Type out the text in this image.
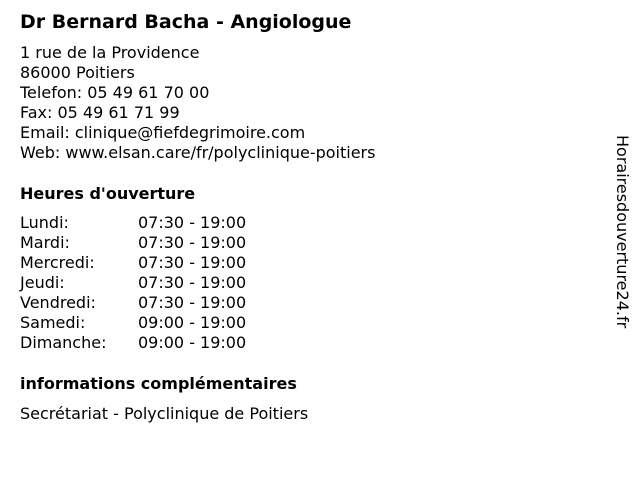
Dr Bernard Bacha - Angiologue
1 rue de la Providence
86000 Poitiers
Telefon: 05 49 61 70 00
Fax: 05 49 61 71 99
Email: clinique@fiefdegrimoire.com
Web: www.elsan.care/fr/polyclinique-poitiers
Heures d'ouverture
Lundi:	07:30 - 19:00
Mardi:	07:30 - 19:00
Mercredi:	07:30 - 19:00
Jeudi:	07:30 - 19:00
Vendredi:	07:30 - 19:00
Samedi:	09:00 - 19:00
Dimanche:	09:00 - 19:00
informations complémentaires
Secrétariat - Polyclinique de Poitiers
Horairesdouverture24.fr
